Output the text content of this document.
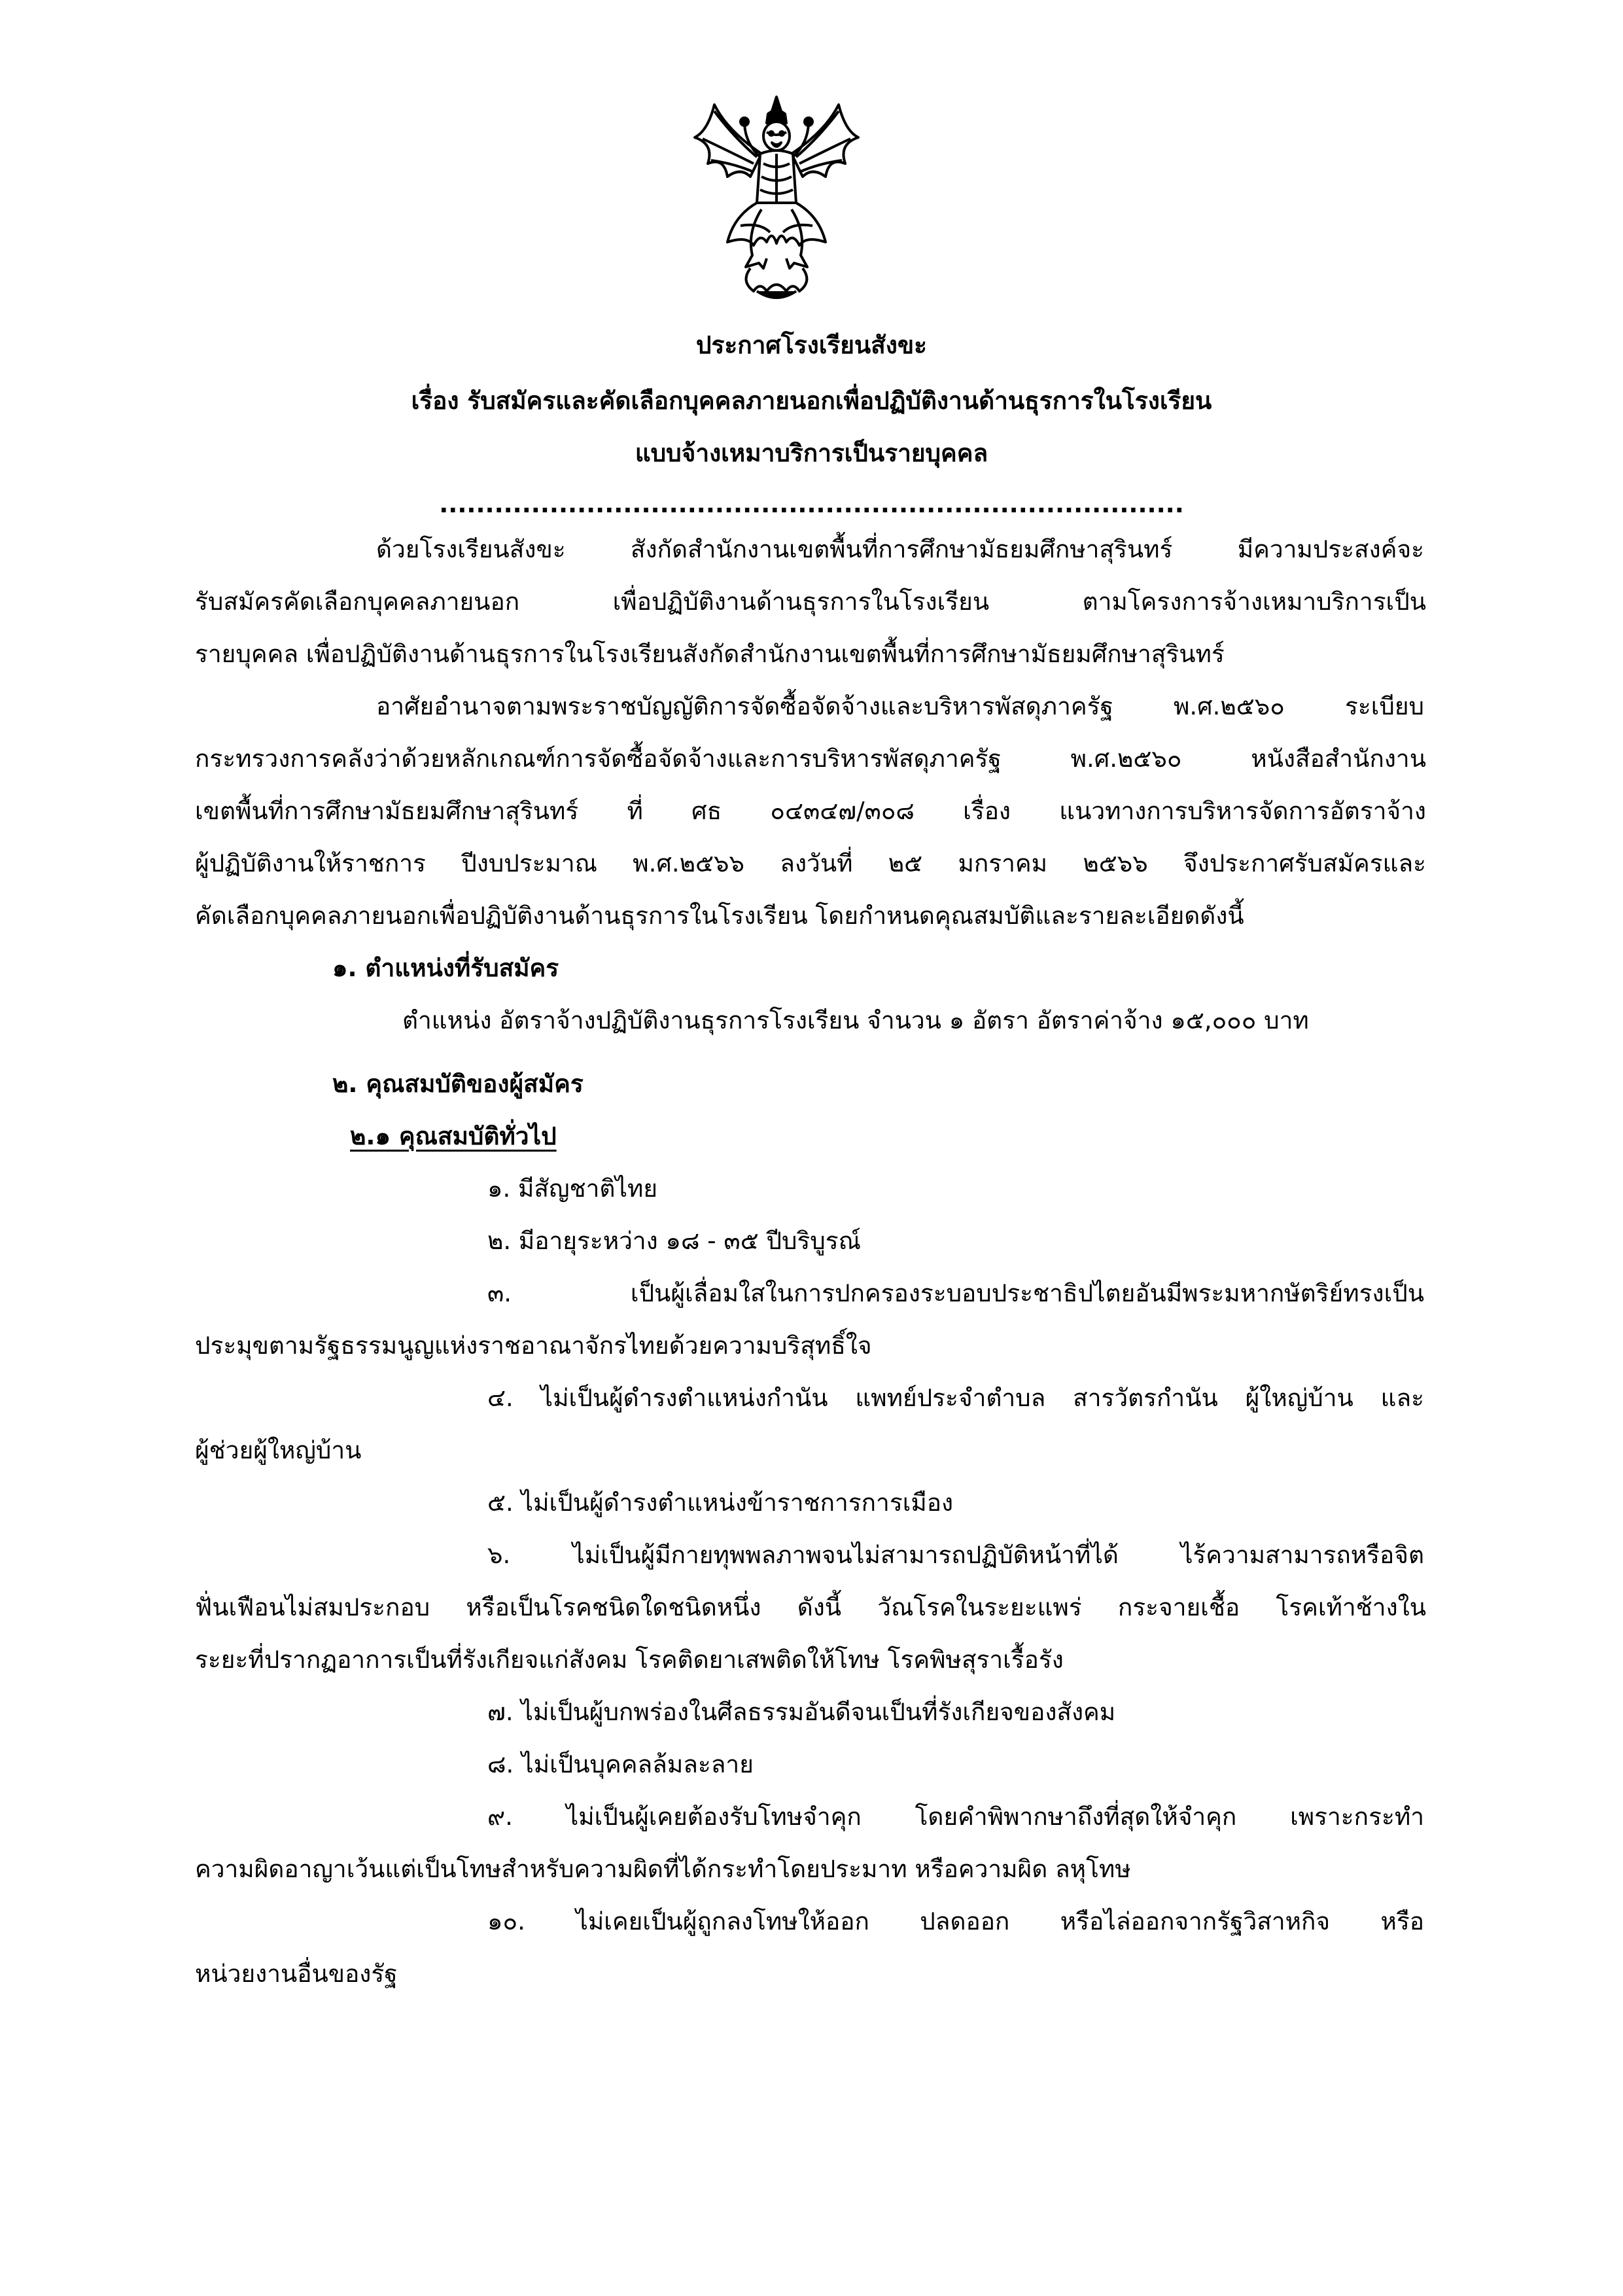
ประกาศโรงเรียนสังขะ

เรื่อง รับสมัครและคัดเลือกบุคคลภายนอกเพื่อปฏิบัติงานด้านธุรการในโรงเรียน

แบบจ้างเหมาบริการเป็นรายบุคคล

.................................................................................

ด้วยโรงเรียนสังขะ สังกัดสำนักงานเขตพื้นที่การศึกษามัธยมศึกษาสุรินทร์ มีความประสงค์จะ

รับสมัครคัดเลือกบุคคลภายนอก เพื่อปฏิบัติงานด้านธุรการในโรงเรียน ตามโครงการจ้างเหมาบริการเป็น

รายบุคคล เพื่อปฏิบัติงานด้านธุรการในโรงเรียนสังกัดสำนักงานเขตพื้นที่การศึกษามัธยมศึกษาสุรินทร์

อาศัยอำนาจตามพระราชบัญญัติการจัดซื้อจัดจ้างและบริหารพัสดุภาครัฐ พ.ศ.๒๕๖๐ ระเบียบ

กระทรวงการคลังว่าด้วยหลักเกณฑ์การจัดซื้อจัดจ้างและการบริหารพัสดุภาครัฐ พ.ศ.๒๕๖๐ หนังสือสำนักงาน

เขตพื้นที่การศึกษามัธยมศึกษาสุรินทร์ ที่ ศธ ๐๔๓๔๗/๓๐๘ เรื่อง แนวทางการบริหารจัดการอัตราจ้าง

ผู้ปฏิบัติงานให้ราชการ ปีงบประมาณ พ.ศ.๒๕๖๖ ลงวันที่ ๒๕ มกราคม ๒๕๖๖ จึงประกาศรับสมัครและ

คัดเลือกบุคคลภายนอกเพื่อปฏิบัติงานด้านธุรการในโรงเรียน โดยกำหนดคุณสมบัติและรายละเอียดดังนี้

๑. ตำแหน่งที่รับสมัคร

ตำแหน่ง อัตราจ้างปฏิบัติงานธุรการโรงเรียน จำนวน ๑ อัตรา อัตราค่าจ้าง ๑๕,๐๐๐ บาท

๒. คุณสมบัติของผู้สมัคร

๒.๑ คุณสมบัติทั่วไป

๑. มีสัญชาติไทย

๒. มีอายุระหว่าง ๑๘ - ๓๕ ปีบริบูรณ์

๓. เป็นผู้เลื่อมใสในการปกครองระบอบประชาธิปไตยอันมีพระมหากษัตริย์ทรงเป็น

ประมุขตามรัฐธรรมนูญแห่งราชอาณาจักรไทยด้วยความบริสุทธิ์ใจ

๔. ไม่เป็นผู้ดำรงตำแหน่งกำนัน แพทย์ประจำตำบล สารวัตรกำนัน ผู้ใหญ่บ้าน และ

ผู้ช่วยผู้ใหญ่บ้าน

๕. ไม่เป็นผู้ดำรงตำแหน่งข้าราชการการเมือง

๖. ไม่เป็นผู้มีกายทุพพลภาพจนไม่สามารถปฏิบัติหน้าที่ได้ ไร้ความสามารถหรือจิต

ฟั่นเฟือนไม่สมประกอบ หรือเป็นโรคชนิดใดชนิดหนึ่ง ดังนี้ วัณโรคในระยะแพร่ กระจายเชื้อ โรคเท้าช้างใน

ระยะที่ปรากฏอาการเป็นที่รังเกียจแก่สังคม โรคติดยาเสพติดให้โทษ โรคพิษสุราเรื้อรัง

๗. ไม่เป็นผู้บกพร่องในศีลธรรมอันดีจนเป็นที่รังเกียจของสังคม

๘. ไม่เป็นบุคคลล้มละลาย

๙. ไม่เป็นผู้เคยต้องรับโทษจำคุก โดยคำพิพากษาถึงที่สุดให้จำคุก เพราะกระทำ

ความผิดอาญาเว้นแต่เป็นโทษสำหรับความผิดที่ได้กระทำโดยประมาท หรือความผิด ลหุโทษ

๑๐. ไม่เคยเป็นผู้ถูกลงโทษให้ออก ปลดออก หรือไล่ออกจากรัฐวิสาหกิจ หรือ

หน่วยงานอื่นของรัฐ
